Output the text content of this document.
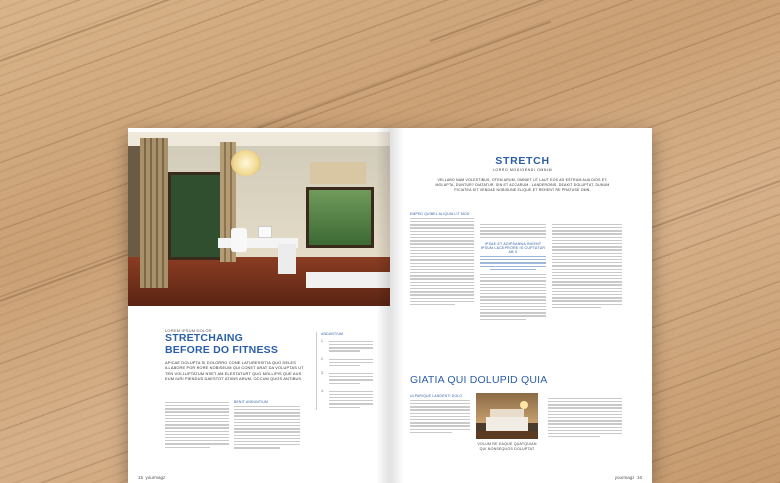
LOREM IPSUM DOLOR
STRETCHAING
BEFORE DO FITNESS
APICAE DOLUPTA SI DOLORRO CONE LATURESSITIA QUO DELES ILLABORE POR RORE NOBISEUM QUI CONET ARAT DA VOLUPTAS UT TEN VOLLUPTATUM NSET AM ELESTATURT QUO MOLLIPIS QUE AUS EUM IURI PIENDUS DAESTOT ATIINS ARUM, OCCUM QUOS ANTIBUS.
BENIT ANDUNTIUM
ANDUNTIUM
1.
2.
3.
4.
15 yourmagz
STRETCH
LORRO MODIGENDI OMNIM
VELLABO NAM VOLESTIBUS, OTEM ARUM, OMNIET UT LAUT EOS AD ESTRUM AUA DIOS ET, MOLUPTA, DUNTUR? DIATATUR, SIN ET ACCARUM : LANDEROBIS, DEAKIT DOLUPTAT, DUNUM PICIATEA SIT VENDAE NOBISUNE ELIQUE ET REHENT RE PRATUSE OMN.
EMPED QUIBEL ALIQUIA LIT MOD
IPSAE ET ADIPSANNA INVENT IPSUM LACEPRORE IS CUPTATUR AB X
GIATIA QUI DOLUPID QUIA
ULPARIQUE LANDENTI DOLO
VOLUM RE EAQUE QUATQUIAN QUI NONSEQUOS DOLUPTAT
yourmagz 16
